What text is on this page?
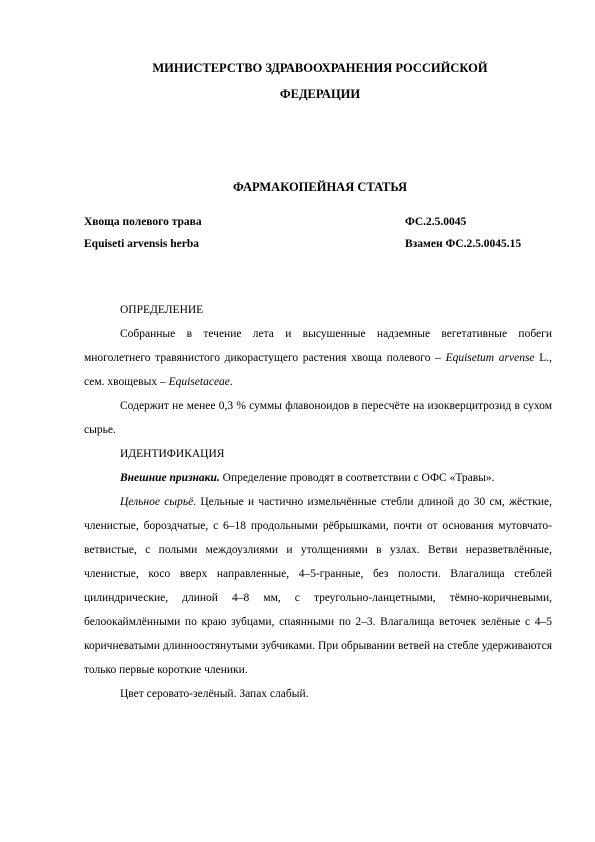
МИНИСТЕРСТВО ЗДРАВООХРАНЕНИЯ РОССИЙСКОЙ
ФЕДЕРАЦИИ
ФАРМАКОПЕЙНАЯ СТАТЬЯ
Хвоща полевого трава
Equiseti arvensis herba
ФС.2.5.0045
Взамен ФС.2.5.0045.15

ОПРЕДЕЛЕНИЕ

Собранные в течение лета и высушенные надземные вегетативные побеги многолетнего травянистого дикорастущего растения хвоща полевого – Equisetum arvense L., сем. хвощевых – Equisetaceae.

Содержит не менее 0,3 % суммы флавоноидов в пересчёте на изокверцитрозид в сухом сырье.

ИДЕНТИФИКАЦИЯ

Внешние признаки. Определение проводят в соответствии с ОФС «Травы».

Цельное сырьё. Цельные и частично измельчённые стебли длиной до 30 см, жёсткие, членистые, бороздчатые, с 6–18 продольными рёбрышками, почти от основания мутовчато-ветвистые, с полыми междоузлиями и утолщениями в узлах. Ветви неразветвлённые, членистые, косо вверх направленные, 4–5-гранные, без полости. Влагалища стеблей цилиндрические, длиной 4–8 мм, с треугольно-ланцетными, тёмно-коричневыми, белоокаймлёнными по краю зубцами, спаянными по 2–3. Влагалища веточек зелёные с 4–5 коричневатыми длинноостянутыми зубчиками. При обрывании ветвей на стебле удерживаются только первые короткие членики.

Цвет серовато-зелёный. Запах слабый.
